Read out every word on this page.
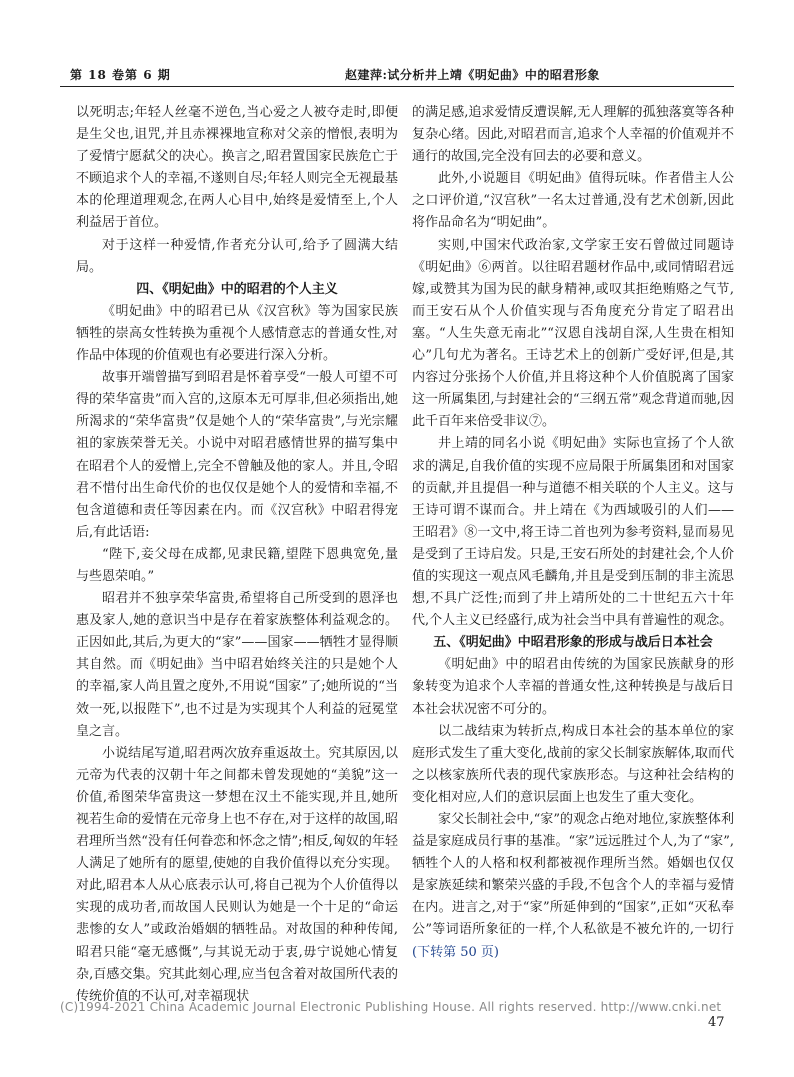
第 18 卷第 6 期	赵建萍:试分析井上靖《明妃曲》中的昭君形象

以死明志;年轻人丝毫不逆色,当心爱之人被夺走时,即便是生父也,诅咒,并且赤裸裸地宣称对父亲的憎恨,表明为了爱情宁愿弑父的决心。换言之,昭君置国家民族危亡于不顾追求个人的幸福,不遂则自尽;年轻人则完全无视最基本的伦理道理观念,在两人心目中,始终是爱情至上,个人利益居于首位。

对于这样一种爱情,作者充分认可,给予了圆满大结局。

四、《明妃曲》中的昭君的个人主义

《明妃曲》中的昭君已从《汉宫秋》等为国家民族牺牲的崇高女性转换为重视个人感情意志的普通女性,对作品中体现的价值观也有必要进行深入分析。

故事开端曾描写到昭君是怀着享受“一般人可望不可得的荣华富贵”而入宫的,这原本无可厚非,但必须指出,她所渴求的“荣华富贵”仅是她个人的“荣华富贵”,与光宗耀祖的家族荣誉无关。小说中对昭君感情世界的描写集中在昭君个人的爱憎上,完全不曾触及他的家人。并且,令昭君不惜付出生命代价的也仅仅是她个人的爱情和幸福,不包含道德和责任等因素在内。而《汉宫秋》中昭君得宠后,有此话语:

“陛下,妾父母在成都,见隶民籍,望陛下恩典宽免,量与些恩荣咱。”

昭君并不独享荣华富贵,希望将自己所受到的恩泽也惠及家人,她的意识当中是存在着家族整体利益观念的。正因如此,其后,为更大的“家”——国家——牺牲才显得顺其自然。而《明妃曲》当中昭君始终关注的只是她个人的幸福,家人尚且置之度外,不用说“国家”了;她所说的“当效一死,以报陛下”,也不过是为实现其个人利益的冠冕堂皇之言。

小说结尾写道,昭君两次放弃重返故土。究其原因,以元帝为代表的汉朝十年之间都未曾发现她的“美貌”这一价值,希图荣华富贵这一梦想在汉土不能实现,并且,她所视若生命的爱情在元帝身上也不存在,对于这样的故国,昭君理所当然“没有任何眷恋和怀念之情”;相反,匈奴的年轻人满足了她所有的愿望,使她的自我价值得以充分实现。对此,昭君本人从心底表示认可,将自己视为个人价值得以实现的成功者,而故国人民则认为她是一个十足的“命运悲惨的女人”或政治婚姻的牺牲品。对故国的种种传闻,昭君只能“毫无感慨”,与其说无动于衷,毋宁说她心情复杂,百感交集。究其此刻心理,应当包含着对故国所代表的传统价值的不认可,对幸福现状

的满足感,追求爱情反遭误解,无人理解的孤独落寞等各种复杂心绪。因此,对昭君而言,追求个人幸福的价值观并不通行的故国,完全没有回去的必要和意义。

此外,小说题目《明妃曲》值得玩味。作者借主人公之口评价道,“汉宫秋”一名太过普通,没有艺术创新,因此将作品命名为“明妃曲”。

实则,中国宋代政治家,文学家王安石曾做过同题诗《明妃曲》⑥两首。以往昭君题材作品中,或同情昭君远嫁,或赞其为国为民的献身精神,或叹其拒绝贿赂之气节,而王安石从个人价值实现与否角度充分肯定了昭君出塞。“人生失意无南北”“汉恩自浅胡自深,人生贵在相知心”几句尤为著名。王诗艺术上的创新广受好评,但是,其内容过分张扬个人价值,并且将这种个人价值脱离了国家这一所属集团,与封建社会的“三纲五常”观念背道而驰,因此千百年来倍受非议⑦。

井上靖的同名小说《明妃曲》实际也宣扬了个人欲求的满足,自我价值的实现不应局限于所属集团和对国家的贡献,并且提倡一种与道德不相关联的个人主义。这与王诗可谓不谋而合。井上靖在《为西域吸引的人们——王昭君》⑧一文中,将王诗二首也列为参考资料,显而易见是受到了王诗启发。只是,王安石所处的封建社会,个人价值的实现这一观点风毛麟角,并且是受到压制的非主流思想,不具广泛性;而到了井上靖所处的二十世纪五六十年代,个人主义已经盛行,成为社会当中具有普遍性的观念。

五、《明妃曲》中昭君形象的形成与战后日本社会

《明妃曲》中的昭君由传统的为国家民族献身的形象转变为追求个人幸福的普通女性,这种转换是与战后日本社会状况密不可分的。

以二战结束为转折点,构成日本社会的基本单位的家庭形式发生了重大变化,战前的家父长制家族解体,取而代之以核家族所代表的现代家族形态。与这种社会结构的变化相对应,人们的意识层面上也发生了重大变化。

家父长制社会中,“家”的观念占绝对地位,家族整体利益是家庭成员行事的基准。“家”远远胜过个人,为了“家”,牺牲个人的人格和权利都被视作理所当然。婚姻也仅仅是家族延续和繁荣兴盛的手段,不包含个人的幸福与爱情在内。进言之,对于“家”所延伸到的“国家”,正如“灭私奉公”等词语所象征的一样,个人私欲是不被允许的,一切行(下转第 50 页)

(C)1994-2021 China Academic Journal Electronic Publishing House. All rights reserved. http://www.cnki.net
47
